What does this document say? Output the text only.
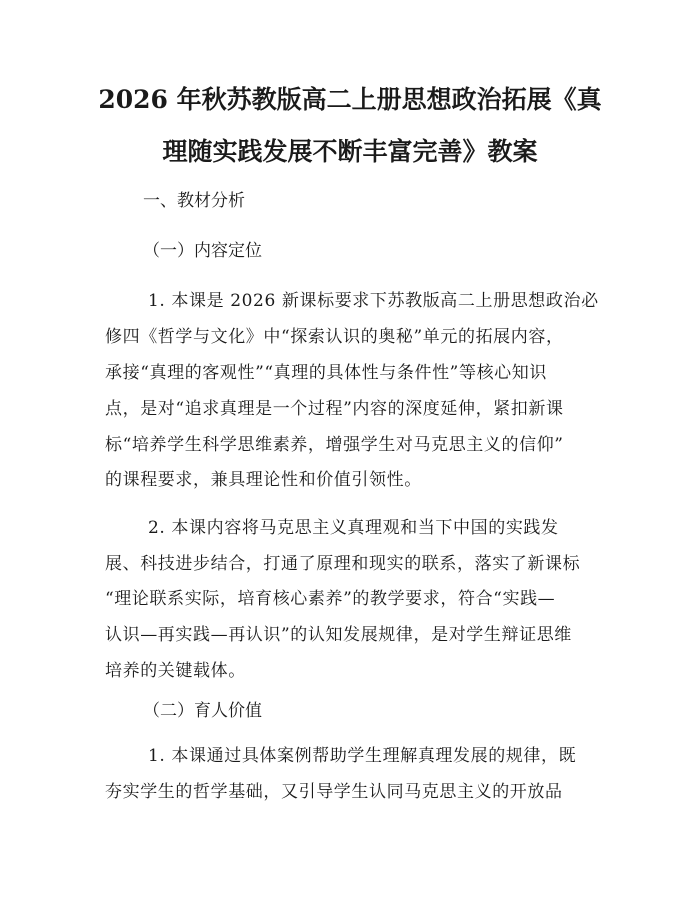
2026 年秋苏教版高二上册思想政治拓展《真
理随实践发展不断丰富完善》教案
一、教材分析
（一）内容定位
1. 本课是 2026 新课标要求下苏教版高二上册思想政治必
修四《哲学与文化》中“探索认识的奥秘”单元的拓展内容，
承接“真理的客观性”“真理的具体性与条件性”等核心知识
点，是对“追求真理是一个过程”内容的深度延伸，紧扣新课
标“培养学生科学思维素养，增强学生对马克思主义的信仰”
的课程要求，兼具理论性和价值引领性。
2. 本课内容将马克思主义真理观和当下中国的实践发
展、科技进步结合，打通了原理和现实的联系，落实了新课标
“理论联系实际，培育核心素养”的教学要求，符合“实践—
认识—再实践—再认识”的认知发展规律，是对学生辩证思维
培养的关键载体。
（二）育人价值
1. 本课通过具体案例帮助学生理解真理发展的规律，既
夯实学生的哲学基础，又引导学生认同马克思主义的开放品
